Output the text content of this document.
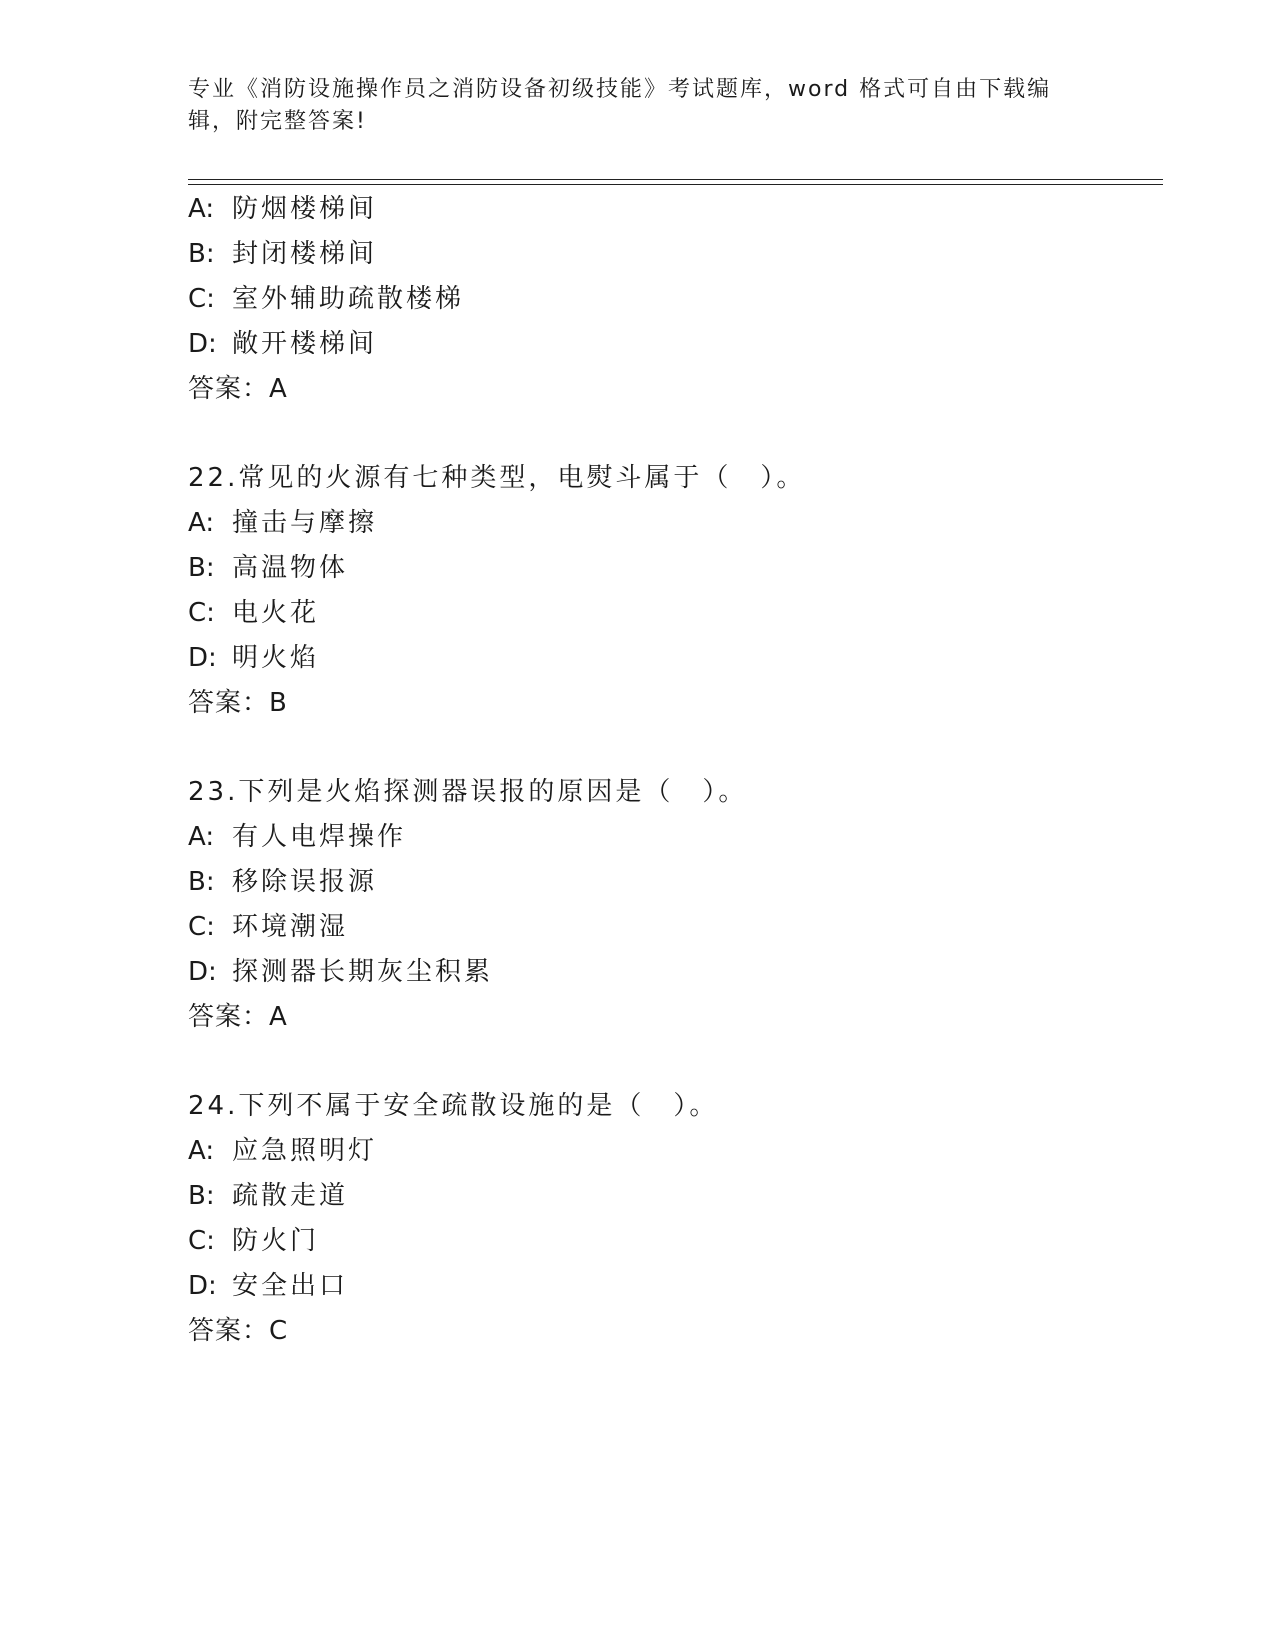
专业《消防设施操作员之消防设备初级技能》考试题库，word 格式可自由下载编辑，附完整答案!
A: 防烟楼梯间
B: 封闭楼梯间
C: 室外辅助疏散楼梯
D: 敞开楼梯间
答案：A
22.常见的火源有七种类型，电熨斗属于（　）。
A: 撞击与摩擦
B: 高温物体
C: 电火花
D: 明火焰
答案：B
23.下列是火焰探测器误报的原因是（　）。
A: 有人电焊操作
B: 移除误报源
C: 环境潮湿
D: 探测器长期灰尘积累
答案：A
24.下列不属于安全疏散设施的是（　）。
A: 应急照明灯
B: 疏散走道
C: 防火门
D: 安全出口
答案：C
